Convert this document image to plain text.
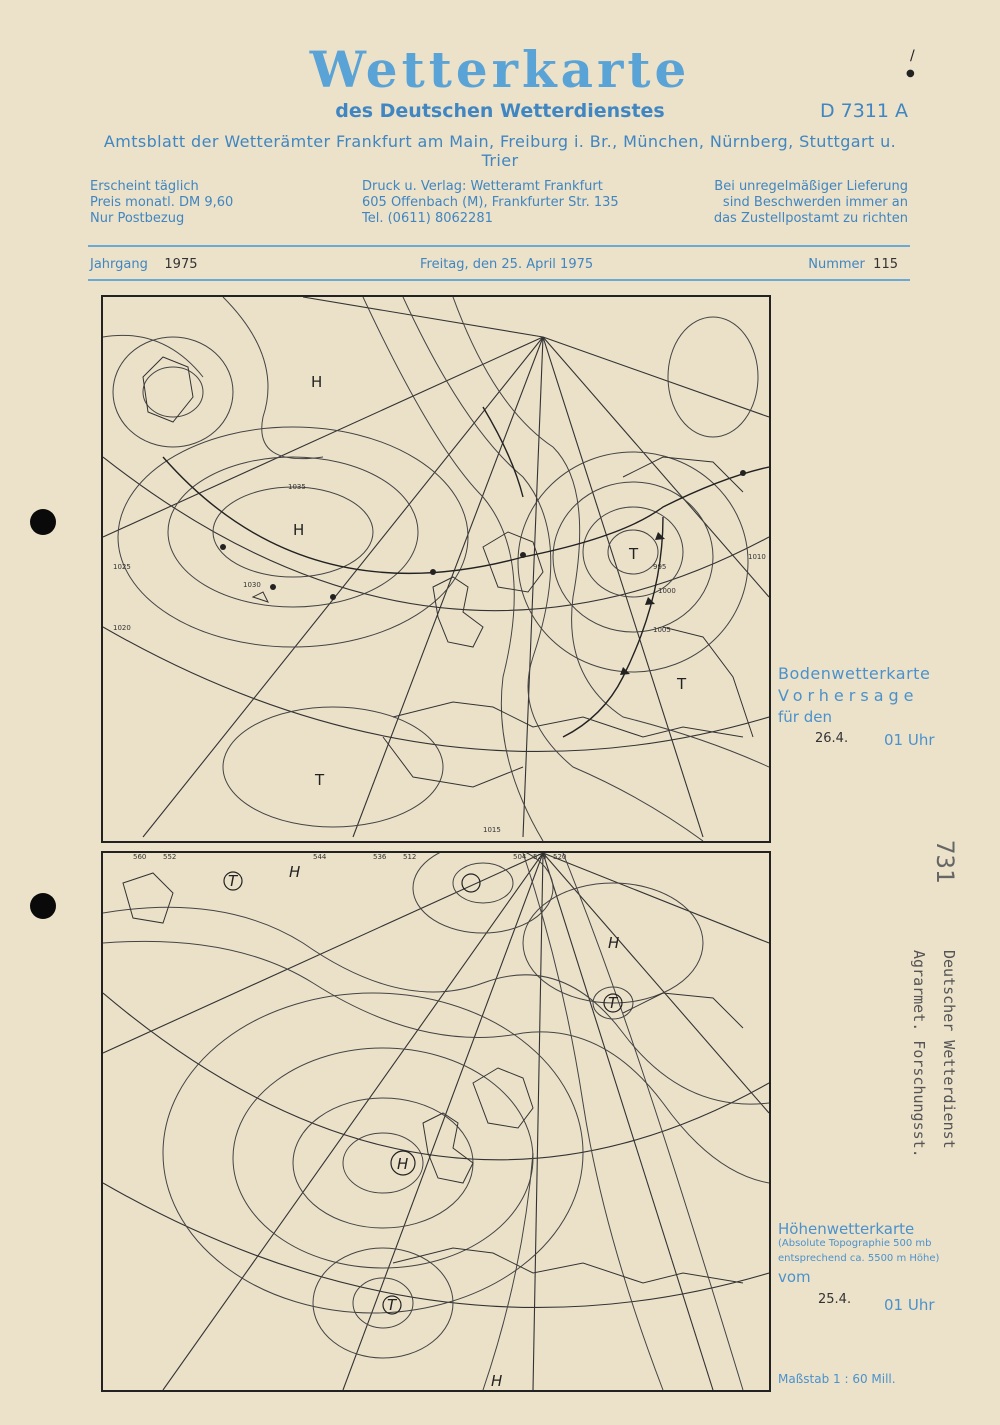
Wetterkarte
des Deutschen Wetterdienstes	D 7311 A
Amtsblatt der Wetterämter Frankfurt am Main, Freiburg i. Br., München, Nürnberg, Stuttgart u. Trier
Erscheint täglich
Preis monatl. DM 9,60
Nur Postbezug
Druck u. Verlag: Wetteramt Frankfurt
605 Offenbach (M), Frankfurter Str. 135
Tel. (0611) 8062281
Bei unregelmäßiger Lieferung
sind Beschwerden immer an
das Zustellpostamt zu richten
Jahrgang 1975	Freitag, den 25. April 1975	Nummer 115
/
●
H
H
T
T
T
1035
1030
1025
1020
1015
1010
1005
1000
995
Bodenwetterkarte
Vorhersage
für den
26.4. 01 Uhr
H
H
H
H
T
T
T
560 552	544	536	528 520
512	504
Höhenwetterkarte
(Absolute Topographie 500 mb
entsprechend ca. 5500 m Höhe)
vom
25.4. 01 Uhr
Maßstab 1 : 60 Mill.
Deutscher Wetterdienst
Agrarmet. Forschungsst.
731
